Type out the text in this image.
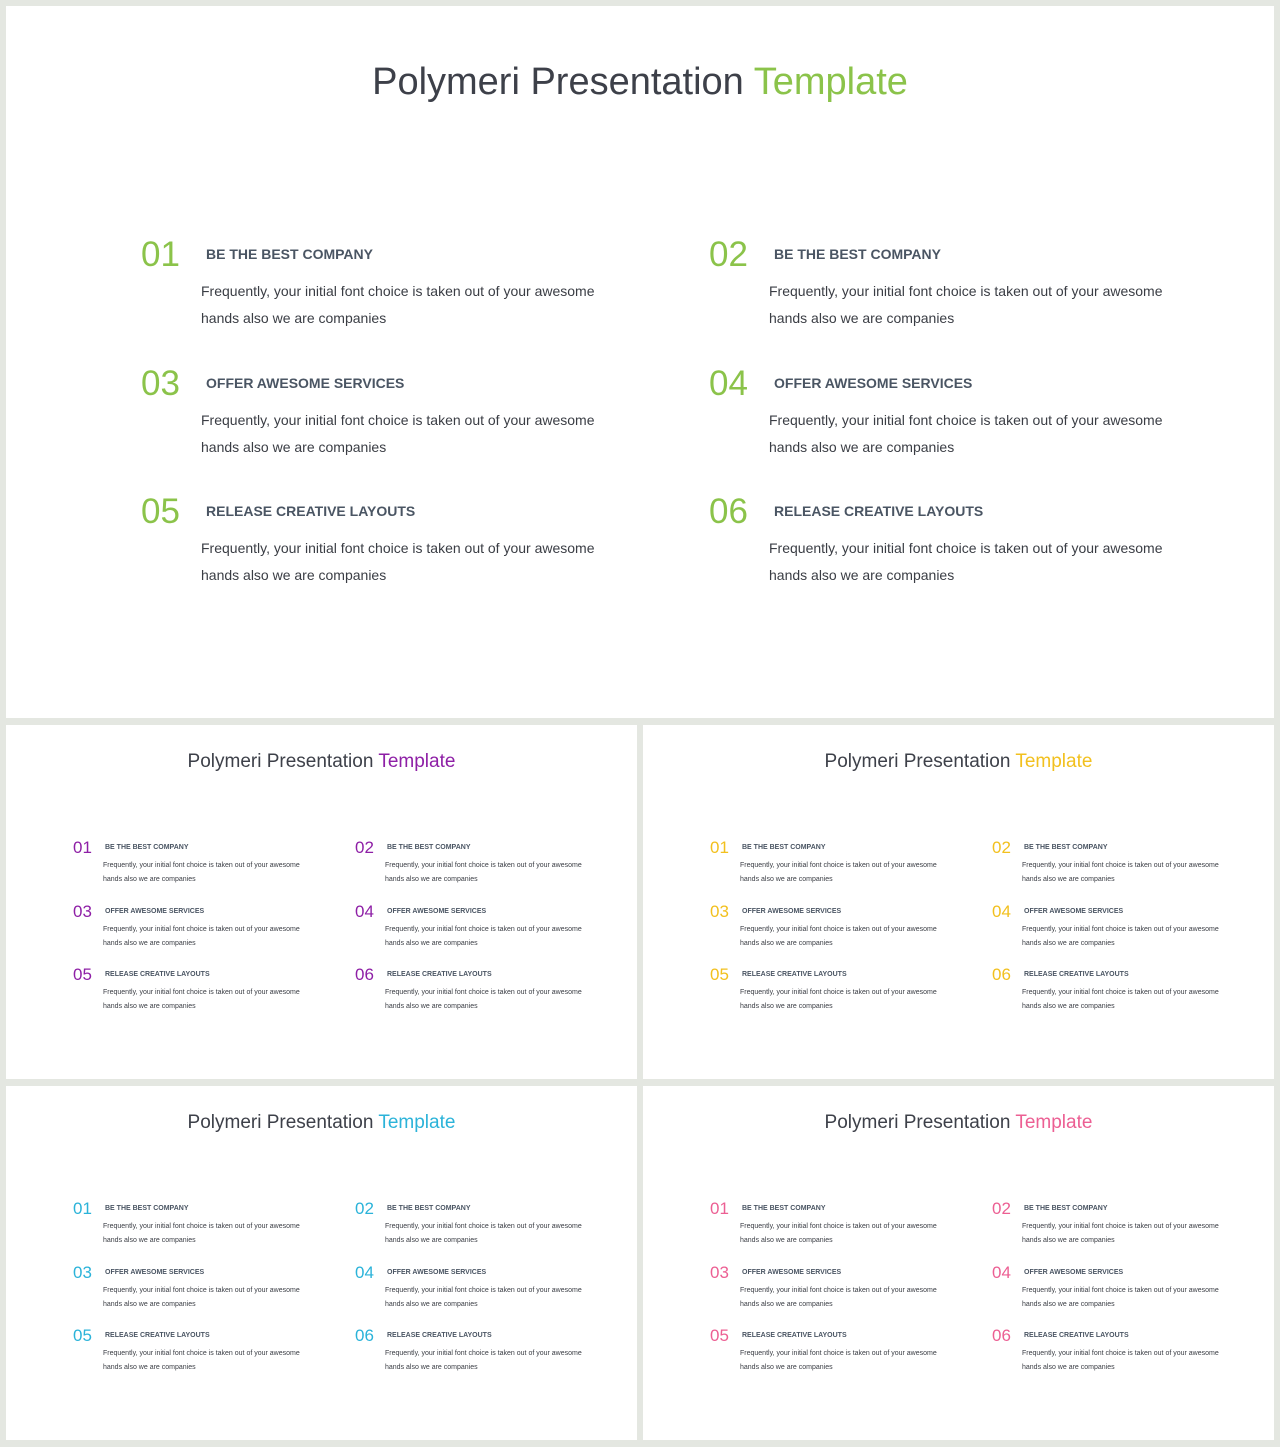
Polymeri Presentation Template
01 BE THE BEST COMPANY
Frequently, your initial font choice is taken out of your awesome hands also we are companies
02 BE THE BEST COMPANY
Frequently, your initial font choice is taken out of your awesome hands also we are companies
03 OFFER AWESOME SERVICES
Frequently, your initial font choice is taken out of your awesome hands also we are companies
04 OFFER AWESOME SERVICES
Frequently, your initial font choice is taken out of your awesome hands also we are companies
05 RELEASE CREATIVE LAYOUTS
Frequently, your initial font choice is taken out of your awesome hands also we are companies
06 RELEASE CREATIVE LAYOUTS
Frequently, your initial font choice is taken out of your awesome hands also we are companies
Polymeri Presentation Template
01 BE THE BEST COMPANY
Frequently, your initial font choice is taken out of your awesome hands also we are companies
02 BE THE BEST COMPANY
Frequently, your initial font choice is taken out of your awesome hands also we are companies
03 OFFER AWESOME SERVICES
Frequently, your initial font choice is taken out of your awesome hands also we are companies
04 OFFER AWESOME SERVICES
Frequently, your initial font choice is taken out of your awesome hands also we are companies
05 RELEASE CREATIVE LAYOUTS
Frequently, your initial font choice is taken out of your awesome hands also we are companies
06 RELEASE CREATIVE LAYOUTS
Frequently, your initial font choice is taken out of your awesome hands also we are companies
Polymeri Presentation Template
01 BE THE BEST COMPANY
Frequently, your initial font choice is taken out of your awesome hands also we are companies
02 BE THE BEST COMPANY
Frequently, your initial font choice is taken out of your awesome hands also we are companies
03 OFFER AWESOME SERVICES
Frequently, your initial font choice is taken out of your awesome hands also we are companies
04 OFFER AWESOME SERVICES
Frequently, your initial font choice is taken out of your awesome hands also we are companies
05 RELEASE CREATIVE LAYOUTS
Frequently, your initial font choice is taken out of your awesome hands also we are companies
06 RELEASE CREATIVE LAYOUTS
Frequently, your initial font choice is taken out of your awesome hands also we are companies
Polymeri Presentation Template
01 BE THE BEST COMPANY
Frequently, your initial font choice is taken out of your awesome hands also we are companies
02 BE THE BEST COMPANY
Frequently, your initial font choice is taken out of your awesome hands also we are companies
03 OFFER AWESOME SERVICES
Frequently, your initial font choice is taken out of your awesome hands also we are companies
04 OFFER AWESOME SERVICES
Frequently, your initial font choice is taken out of your awesome hands also we are companies
05 RELEASE CREATIVE LAYOUTS
Frequently, your initial font choice is taken out of your awesome hands also we are companies
06 RELEASE CREATIVE LAYOUTS
Frequently, your initial font choice is taken out of your awesome hands also we are companies
Polymeri Presentation Template
01 BE THE BEST COMPANY
Frequently, your initial font choice is taken out of your awesome hands also we are companies
02 BE THE BEST COMPANY
Frequently, your initial font choice is taken out of your awesome hands also we are companies
03 OFFER AWESOME SERVICES
Frequently, your initial font choice is taken out of your awesome hands also we are companies
04 OFFER AWESOME SERVICES
Frequently, your initial font choice is taken out of your awesome hands also we are companies
05 RELEASE CREATIVE LAYOUTS
Frequently, your initial font choice is taken out of your awesome hands also we are companies
06 RELEASE CREATIVE LAYOUTS
Frequently, your initial font choice is taken out of your awesome hands also we are companies
